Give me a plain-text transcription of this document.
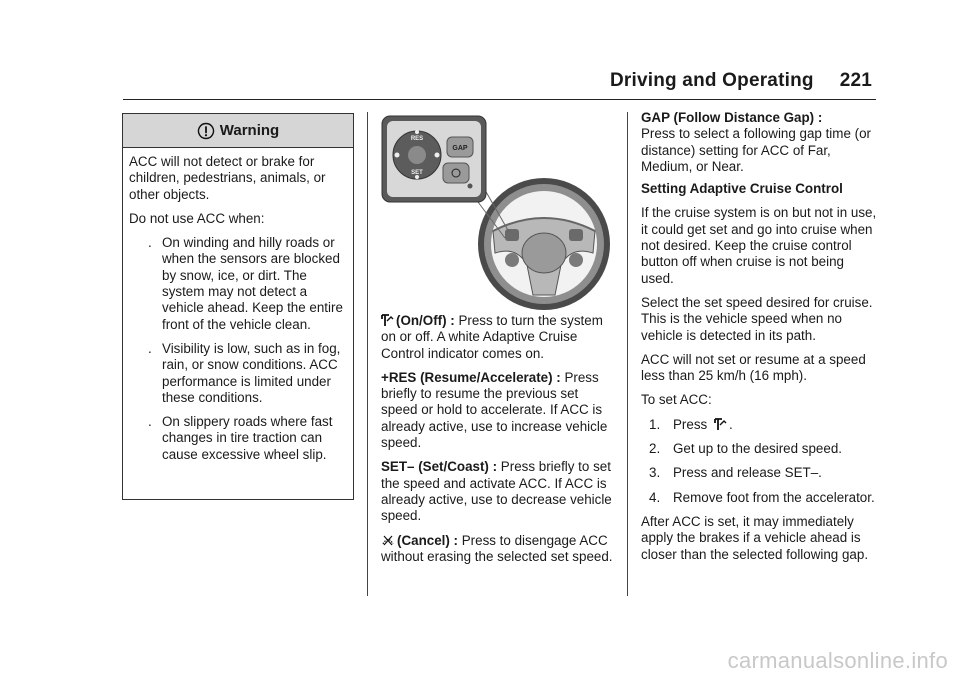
Driving and Operating 221
Warning

ACC will not detect or brake for children, pedestrians, animals, or other objects.

Do not use ACC when:

. On winding and hilly roads or when the sensors are blocked by snow, ice, or dirt. The system may not detect a vehicle ahead. Keep the entire front of the vehicle clean.
. Visibility is low, such as in fog, rain, or snow conditions. ACC performance is limited under these conditions.
. On slippery roads where fast changes in tire traction can cause excessive wheel slip.
RES
SET
GAP

(On/Off) : Press to turn the system on or off. A white Adaptive Cruise Control indicator comes on.

+RES (Resume/Accelerate) : Press briefly to resume the previous set speed or hold to accelerate. If ACC is already active, use to increase vehicle speed.

SET– (Set/Coast) : Press briefly to set the speed and activate ACC. If ACC is already active, use to decrease vehicle speed.

(Cancel) : Press to disengage ACC without erasing the selected set speed.

GAP (Follow Distance Gap) :
Press to select a following gap time (or distance) setting for ACC of Far, Medium, or Near.

Setting Adaptive Cruise Control

If the cruise system is on but not in use, it could get set and go into cruise when not desired. Keep the cruise control button off when cruise is not being used.

Select the set speed desired for cruise. This is the vehicle speed when no vehicle is detected in its path.

ACC will not set or resume at a speed less than 25 km/h (16 mph).

To set ACC:

1. Press .
2. Get up to the desired speed.
3. Press and release SET–.
4. Remove foot from the accelerator.

After ACC is set, it may immediately apply the brakes if a vehicle ahead is closer than the selected following gap.

carmanualsonline.info
